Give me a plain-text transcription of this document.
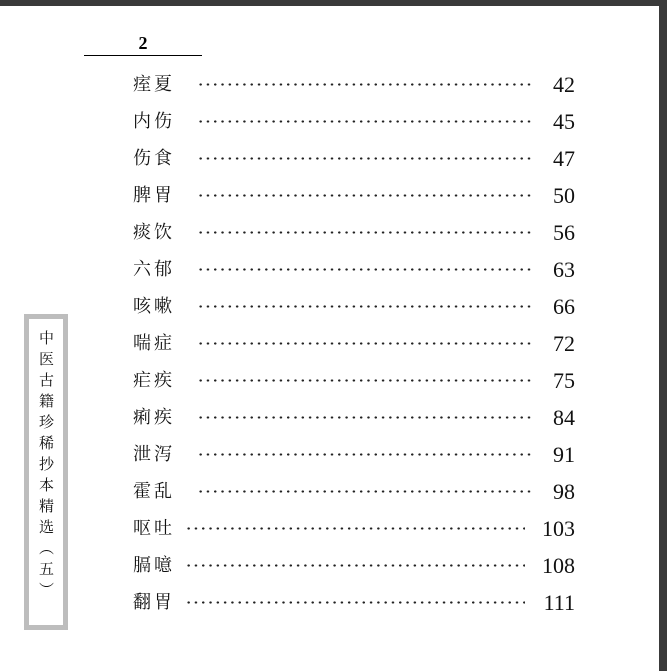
2
痓夏	42
内伤	45
伤食	47
脾胃	50
痰饮	56
六郁	63
咳嗽	66
喘症	72
疟疾	75
痢疾	84
泄泻	91
霍乱	98
呕吐	103
膈噫	108
翻胃	111
中医古籍珍稀抄本精选（五）
